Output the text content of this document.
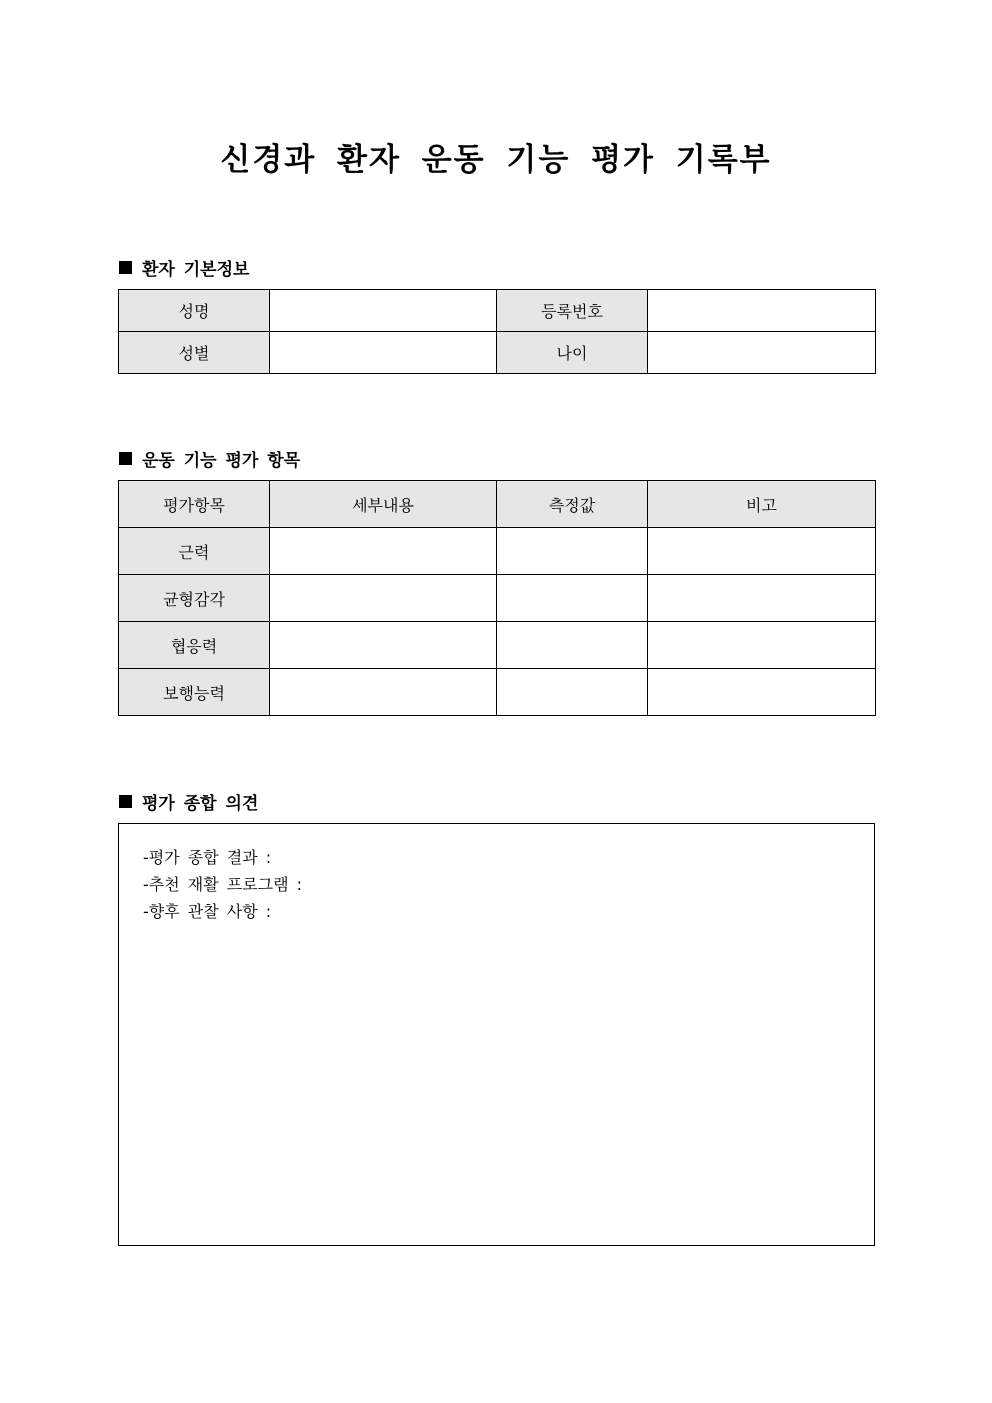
신경과 환자 운동 기능 평가 기록부
환자 기본정보
성명		등록번호	
성별		나이	
운동 기능 평가 항목
평가항목	세부내용	측정값	비고
근력			
균형감각			
협응력			
보행능력			
평가 종합 의견
-평가 종합 결과 :
-추천 재활 프로그램 :
-향후 관찰 사항 :
